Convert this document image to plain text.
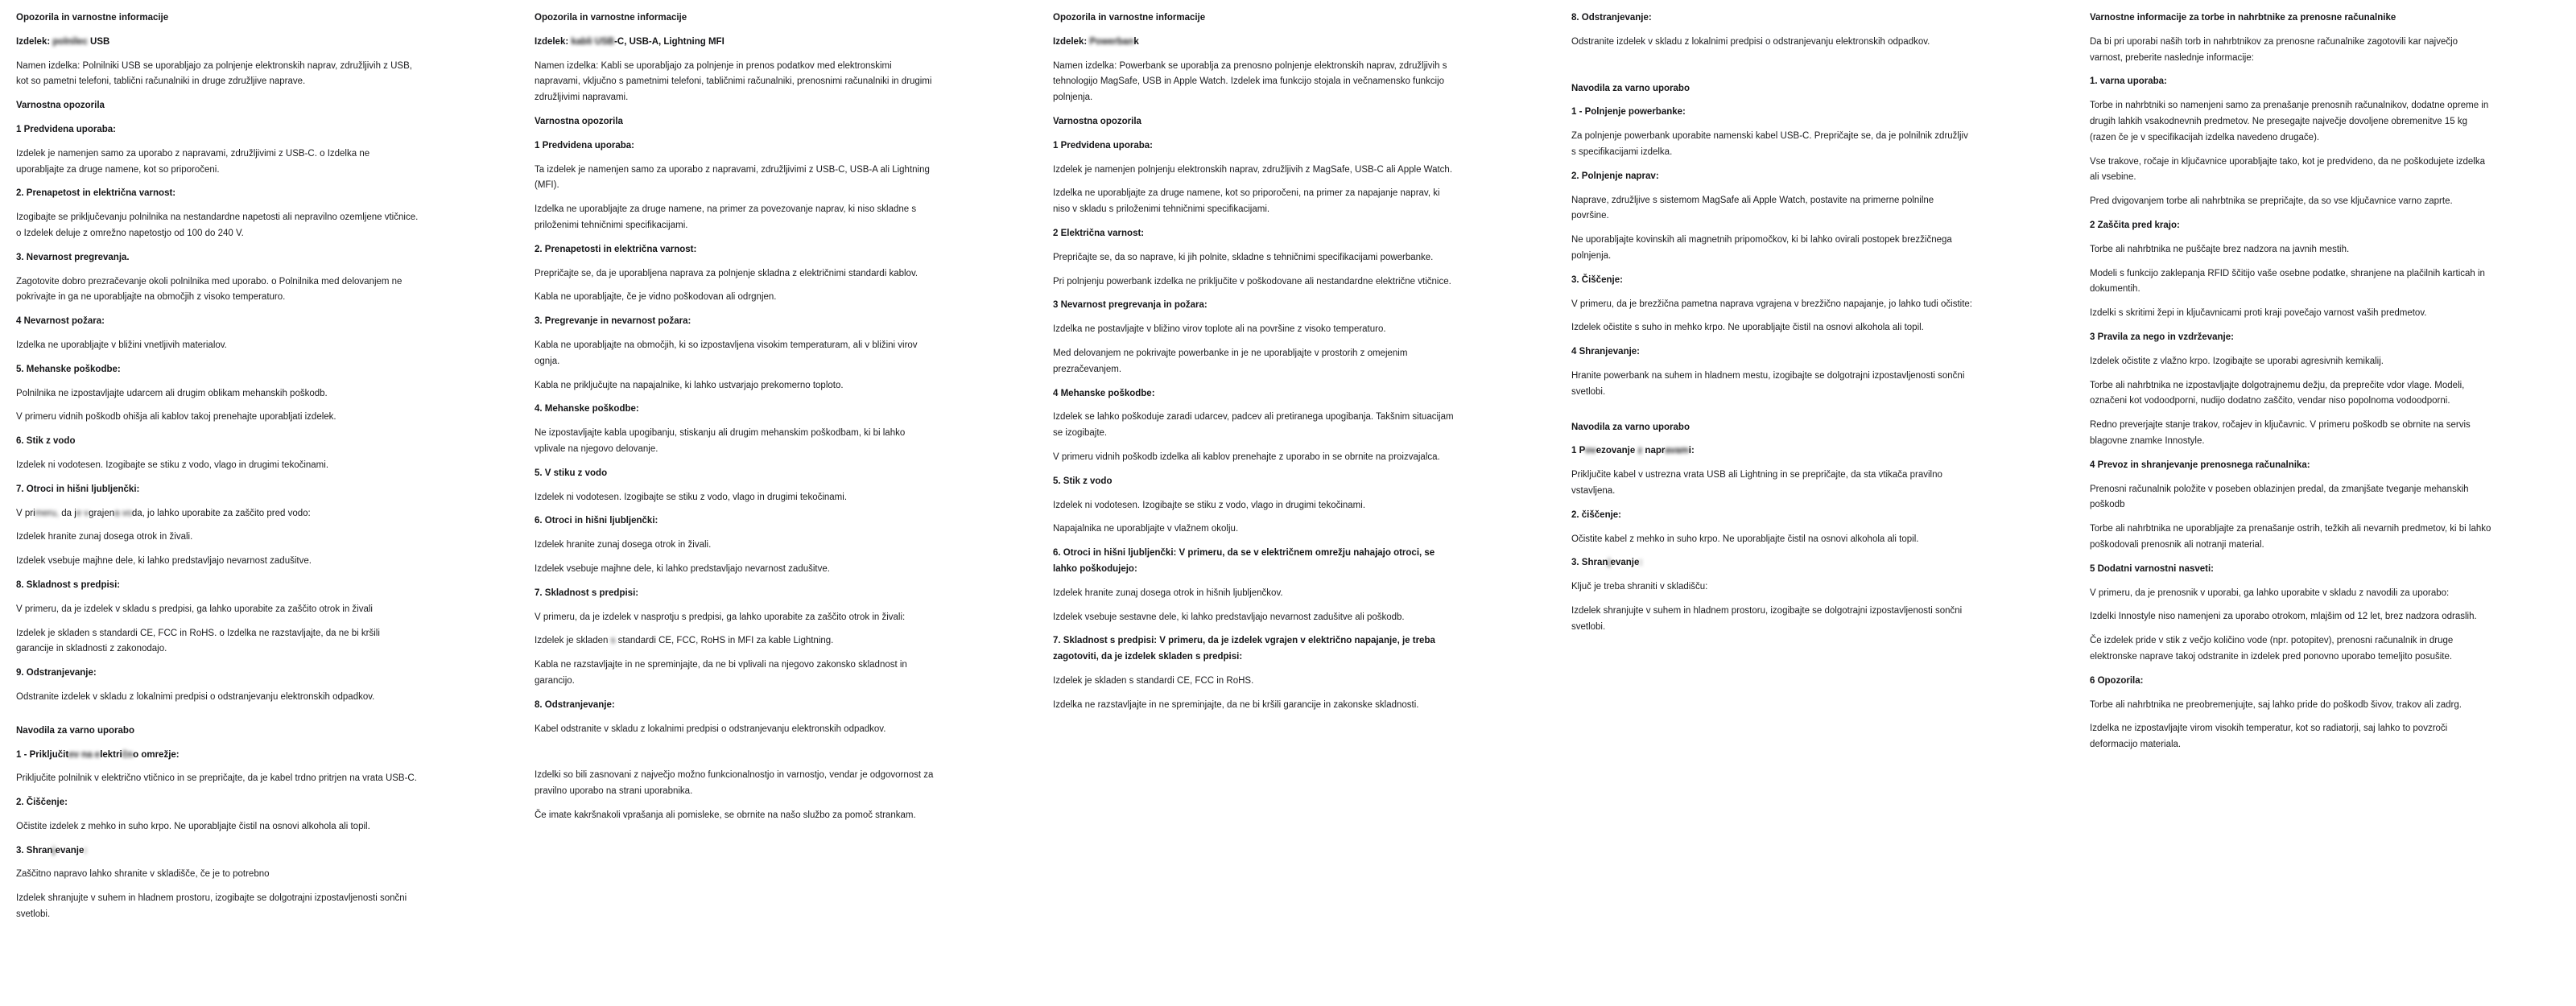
Opozorila in varnostne informacije
Izdelek: polnilec USB

Namen izdelka: Polnilniki USB se uporabljajo za polnjenje elektronskih naprav, združljivih z USB, kot so pametni telefoni, tablični računalniki in druge združljive naprave.

Varnostna opozorila
1 Predvidena uporaba:

Izdelek je namenjen samo za uporabo z napravami, združljivimi z USB-C. o Izdelka ne uporabljajte za druge namene, kot so priporočeni.

2. Prenapetost in električna varnost:

Izogibajte se priključevanju polnilnika na nestandardne napetosti ali nepravilno ozemljene vtičnice. o Izdelek deluje z omrežno napetostjo od 100 do 240 V.

3. Nevarnost pregrevanja.

Zagotovite dobro prezračevanje okoli polnilnika med uporabo. o Polnilnika med delovanjem ne pokrivajte in ga ne uporabljajte na območjih z visoko temperaturo.

4 Nevarnost požara:

Izdelka ne uporabljajte v bližini vnetljivih materialov.

5. Mehanske poškodbe:

Polnilnika ne izpostavljajte udarcem ali drugim oblikam mehanskih poškodb.

V primeru vidnih poškodb ohišja ali kablov takoj prenehajte uporabljati izdelek.

6. Stik z vodo

Izdelek ni vodotesen. Izogibajte se stiku z vodo, vlago in drugimi tekočinami.

7. Otroci in hišni ljubljenčki:

V primeru, da je vgrajena voda, jo lahko uporabite za zaščito pred vodo:

Izdelek hranite zunaj dosega otrok in živali.

Izdelek vsebuje majhne dele, ki lahko predstavljajo nevarnost zadušitve.

8. Skladnost s predpisi:

V primeru, da je izdelek v skladu s predpisi, ga lahko uporabite za zaščito otrok in živali

Izdelek je skladen s standardi CE, FCC in RoHS. o Izdelka ne razstavljajte, da ne bi kršili garancije in skladnosti z zakonodajo.

9. Odstranjevanje:

Odstranite izdelek v skladu z lokalnimi predpisi o odstranjevanju elektronskih odpadkov.

Navodila za varno uporabo
1 - Priključitev na električno omrežje:

Priključite polnilnik v električno vtičnico in se prepričajte, da je kabel trdno pritrjen na vrata USB-C.

2. Čiščenje:

Očistite izdelek z mehko in suho krpo. Ne uporabljajte čistil na osnovi alkohola ali topil.

3. Shranjevanje:

Zaščitno napravo lahko shranite v skladišče, če je to potrebno

Izdelek shranjujte v suhem in hladnem prostoru, izogibajte se dolgotrajni izpostavljenosti sončni svetlobi.

Opozorila in varnostne informacije
Izdelek: kabli USB-C, USB-A, Lightning MFI

Namen izdelka: Kabli se uporabljajo za polnjenje in prenos podatkov med elektronskimi napravami, vključno s pametnimi telefoni, tabličnimi računalniki, prenosnimi računalniki in drugimi združljivimi napravami.

Varnostna opozorila
1 Predvidena uporaba:

Ta izdelek je namenjen samo za uporabo z napravami, združljivimi z USB-C, USB-A ali Lightning (MFI).

Izdelka ne uporabljajte za druge namene, na primer za povezovanje naprav, ki niso skladne s priloženimi tehničnimi specifikacijami.

2. Prenapetosti in električna varnost:

Prepričajte se, da je uporabljena naprava za polnjenje skladna z električnimi standardi kablov.

Kabla ne uporabljajte, če je vidno poškodovan ali odrgnjen.

3. Pregrevanje in nevarnost požara:

Kabla ne uporabljajte na območjih, ki so izpostavljena visokim temperaturam, ali v bližini virov ognja.

Kabla ne priključujte na napajalnike, ki lahko ustvarjajo prekomerno toploto.

4. Mehanske poškodbe:

Ne izpostavljajte kabla upogibanju, stiskanju ali drugim mehanskim poškodbam, ki bi lahko vplivale na njegovo delovanje.

5. V stiku z vodo

Izdelek ni vodotesen. Izogibajte se stiku z vodo, vlago in drugimi tekočinami.

6. Otroci in hišni ljubljenčki:

Izdelek hranite zunaj dosega otrok in živali.

Izdelek vsebuje majhne dele, ki lahko predstavljajo nevarnost zadušitve.

7. Skladnost s predpisi:

V primeru, da je izdelek v nasprotju s predpisi, ga lahko uporabite za zaščito otrok in živali:

Izdelek je skladen s standardi CE, FCC, RoHS in MFI za kable Lightning.

Kabla ne razstavljajte in ne spreminjajte, da ne bi vplivali na njegovo zakonsko skladnost in garancijo.

8. Odstranjevanje:

Kabel odstranite v skladu z lokalnimi predpisi o odstranjevanju elektronskih odpadkov.

Izdelki so bili zasnovani z največjo možno funkcionalnostjo in varnostjo, vendar je odgovornost za pravilno uporabo na strani uporabnika.

Če imate kakršnakoli vprašanja ali pomisleke, se obrnite na našo službo za pomoč strankam.

Opozorila in varnostne informacije
Izdelek: Powerbank

Namen izdelka: Powerbank se uporablja za prenosno polnjenje elektronskih naprav, združljivih s tehnologijo MagSafe, USB in Apple Watch. Izdelek ima funkcijo stojala in večnamensko funkcijo polnjenja.

Varnostna opozorila
1 Predvidena uporaba:

Izdelek je namenjen polnjenju elektronskih naprav, združljivih z MagSafe, USB-C ali Apple Watch.

Izdelka ne uporabljajte za druge namene, kot so priporočeni, na primer za napajanje naprav, ki niso v skladu s priloženimi tehničnimi specifikacijami.

2 Električna varnost:

Prepričajte se, da so naprave, ki jih polnite, skladne s tehničnimi specifikacijami powerbanke.

Pri polnjenju powerbank izdelka ne priključite v poškodovane ali nestandardne električne vtičnice.

3 Nevarnost pregrevanja in požara:

Izdelka ne postavljajte v bližino virov toplote ali na površine z visoko temperaturo.

Med delovanjem ne pokrivajte powerbanke in je ne uporabljajte v prostorih z omejenim prezračevanjem.

4 Mehanske poškodbe:

Izdelek se lahko poškoduje zaradi udarcev, padcev ali pretiranega upogibanja. Takšnim situacijam se izogibajte.

V primeru vidnih poškodb izdelka ali kablov prenehajte z uporabo in se obrnite na proizvajalca.

5. Stik z vodo

Izdelek ni vodotesen. Izogibajte se stiku z vodo, vlago in drugimi tekočinami.

Napajalnika ne uporabljajte v vlažnem okolju.

6. Otroci in hišni ljubljenčki: V primeru, da se v električnem omrežju nahajajo otroci, se lahko poškodujejo:

Izdelek hranite zunaj dosega otrok in hišnih ljubljenčkov.

Izdelek vsebuje sestavne dele, ki lahko predstavljajo nevarnost zadušitve ali poškodb.

7. Skladnost s predpisi: V primeru, da je izdelek vgrajen v električno napajanje, je treba zagotoviti, da je izdelek skladen s predpisi:

Izdelek je skladen s standardi CE, FCC in RoHS.

Izdelka ne razstavljajte in ne spreminjajte, da ne bi kršili garancije in zakonske skladnosti.

8. Odstranjevanje:

Odstranite izdelek v skladu z lokalnimi predpisi o odstranjevanju elektronskih odpadkov.

Navodila za varno uporabo
1 - Polnjenje powerbanke:

Za polnjenje powerbank uporabite namenski kabel USB-C. Prepričajte se, da je polnilnik združljiv s specifikacijami izdelka.

2. Polnjenje naprav:

Naprave, združljive s sistemom MagSafe ali Apple Watch, postavite na primerne polnilne površine.

Ne uporabljajte kovinskih ali magnetnih pripomočkov, ki bi lahko ovirali postopek brezžičnega polnjenja.

3. Čiščenje:

V primeru, da je brezžična pametna naprava vgrajena v brezžično napajanje, jo lahko tudi očistite:

Izdelek očistite s suho in mehko krpo. Ne uporabljajte čistil na osnovi alkohola ali topil.

4 Shranjevanje:

Hranite powerbank na suhem in hladnem mestu, izogibajte se dolgotrajni izpostavljenosti sončni svetlobi.

Navodila za varno uporabo
1 Povezovanje z napravami:

Priključite kabel v ustrezna vrata USB ali Lightning in se prepričajte, da sta vtikača pravilno vstavljena.

2. čiščenje:

Očistite kabel z mehko in suho krpo. Ne uporabljajte čistil na osnovi alkohola ali topil.

3. Shranjevanje:

Ključ je treba shraniti v skladišču:

Izdelek shranjujte v suhem in hladnem prostoru, izogibajte se dolgotrajni izpostavljenosti sončni svetlobi.

Varnostne informacije za torbe in nahrbtnike za prenosne računalnike

Da bi pri uporabi naših torb in nahrbtnikov za prenosne računalnike zagotovili kar največjo varnost, preberite naslednje informacije:

1. varna uporaba:

Torbe in nahrbtniki so namenjeni samo za prenašanje prenosnih računalnikov, dodatne opreme in drugih lahkih vsakodnevnih predmetov. Ne presegajte največje dovoljene obremenitve 15 kg (razen če je v specifikacijah izdelka navedeno drugače).

Vse trakove, ročaje in ključavnice uporabljajte tako, kot je predvideno, da ne poškodujete izdelka ali vsebine.

Pred dvigovanjem torbe ali nahrbtnika se prepričajte, da so vse ključavnice varno zaprte.

2 Zaščita pred krajo:

Torbe ali nahrbtnika ne puščajte brez nadzora na javnih mestih.

Modeli s funkcijo zaklepanja RFID ščitijo vaše osebne podatke, shranjene na plačilnih karticah in dokumentih.

Izdelki s skritimi žepi in ključavnicami proti kraji povečajo varnost vaših predmetov.

3 Pravila za nego in vzdrževanje:

Izdelek očistite z vlažno krpo. Izogibajte se uporabi agresivnih kemikalij.

Torbe ali nahrbtnika ne izpostavljajte dolgotrajnemu dežju, da preprečite vdor vlage. Modeli, označeni kot vodoodporni, nudijo dodatno zaščito, vendar niso popolnoma vodoodporni.

Redno preverjajte stanje trakov, ročajev in ključavnic. V primeru poškodb se obrnite na servis blagovne znamke Innostyle.

4 Prevoz in shranjevanje prenosnega računalnika:

Prenosni računalnik položite v poseben oblazinjen predal, da zmanjšate tveganje mehanskih poškodb

Torbe ali nahrbtnika ne uporabljajte za prenašanje ostrih, težkih ali nevarnih predmetov, ki bi lahko poškodovali prenosnik ali notranji material.

5 Dodatni varnostni nasveti:

V primeru, da je prenosnik v uporabi, ga lahko uporabite v skladu z navodili za uporabo:

Izdelki Innostyle niso namenjeni za uporabo otrokom, mlajšim od 12 let, brez nadzora odraslih.

Če izdelek pride v stik z večjo količino vode (npr. potopitev), prenosni računalnik in druge elektronske naprave takoj odstranite in izdelek pred ponovno uporabo temeljito posušite.

6 Opozorila:

Torbe ali nahrbtnika ne preobremenjujte, saj lahko pride do poškodb šivov, trakov ali zadrg.

Izdelka ne izpostavljajte virom visokih temperatur, kot so radiatorji, saj lahko to povzroči deformacijo materiala.
